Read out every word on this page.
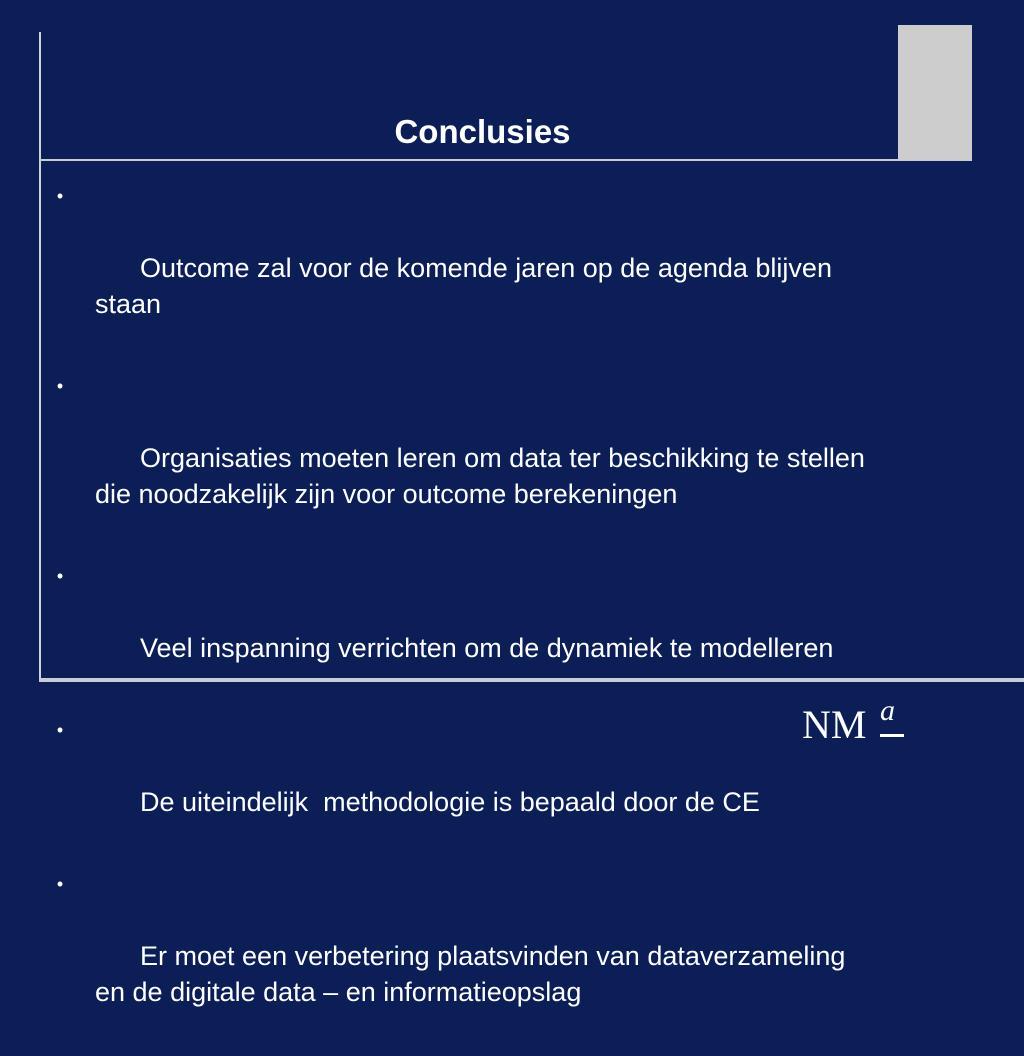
Conclusies

•

Outcome zal voor de komende jaren op de agenda blijven staan

•

Organisaties moeten leren om data ter beschikking te stellen die noodzakelijk zijn voor outcome berekeningen

•

Veel inspanning verrichten om de dynamiek te modelleren

•

De uiteindelijk  methodologie is bepaald door de CE

•

Er moet een verbetering plaatsvinden van dataverzameling en de digitale data – en informatieopslag

NM a
